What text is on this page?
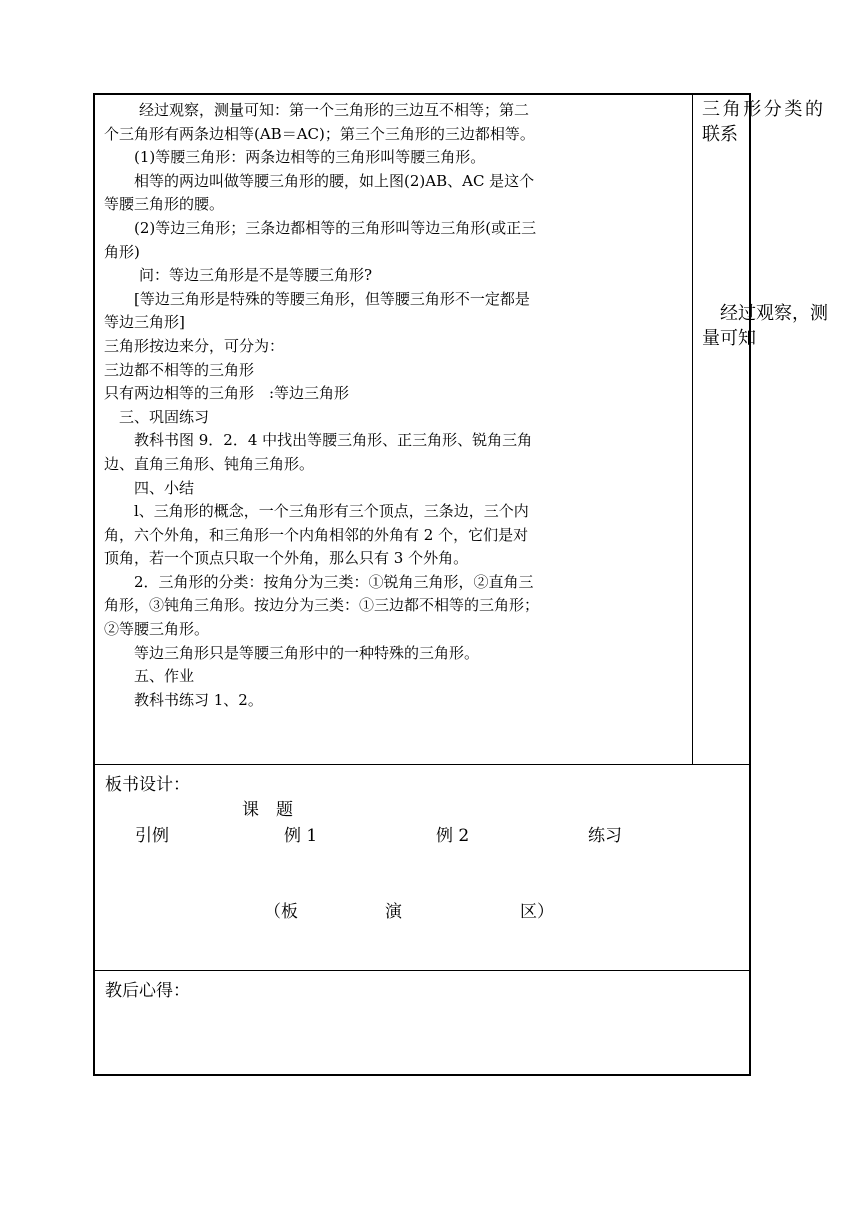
经过观察，测量可知：第一个三角形的三边互不相等；第二
个三角形有两条边相等(AB＝AC)；第三个三角形的三边都相等。
(1)等腰三角形：两条边相等的三角形叫等腰三角形。
相等的两边叫做等腰三角形的腰，如上图(2)AB、AC 是这个
等腰三角形的腰。
(2)等边三角形；三条边都相等的三角形叫等边三角形(或正三
角形)
问：等边三角形是不是等腰三角形?
[等边三角形是特殊的等腰三角形，但等腰三角形不一定都是
等边三角形]
三角形按边来分，可分为：
三边都不相等的三角形
只有两边相等的三角形　:等边三角形
三、巩固练习
教科书图 9．2．4 中找出等腰三角形、正三角形、锐角三角
边、直角三角形、钝角三角形。
四、小结
l、三角形的概念，一个三角形有三个顶点，三条边，三个内
角，六个外角，和三角形一个内角相邻的外角有 2 个，它们是对
顶角，若一个顶点只取一个外角，那么只有 3 个外角。
2．三角形的分类：按角分为三类：①锐角三角形，②直角三
角形，③钝角三角形。按边分为三类：①三边都不相等的三角形；
②等腰三角形。
等边三角形只是等腰三角形中的一种特殊的三角形。
五、作业
教科书练习 1、2。
三角形分类的
联系
经过观察，测
量可知
板书设计：
课　题
引例	例 1	例 2	练习
（板	演	区）
教后心得：
